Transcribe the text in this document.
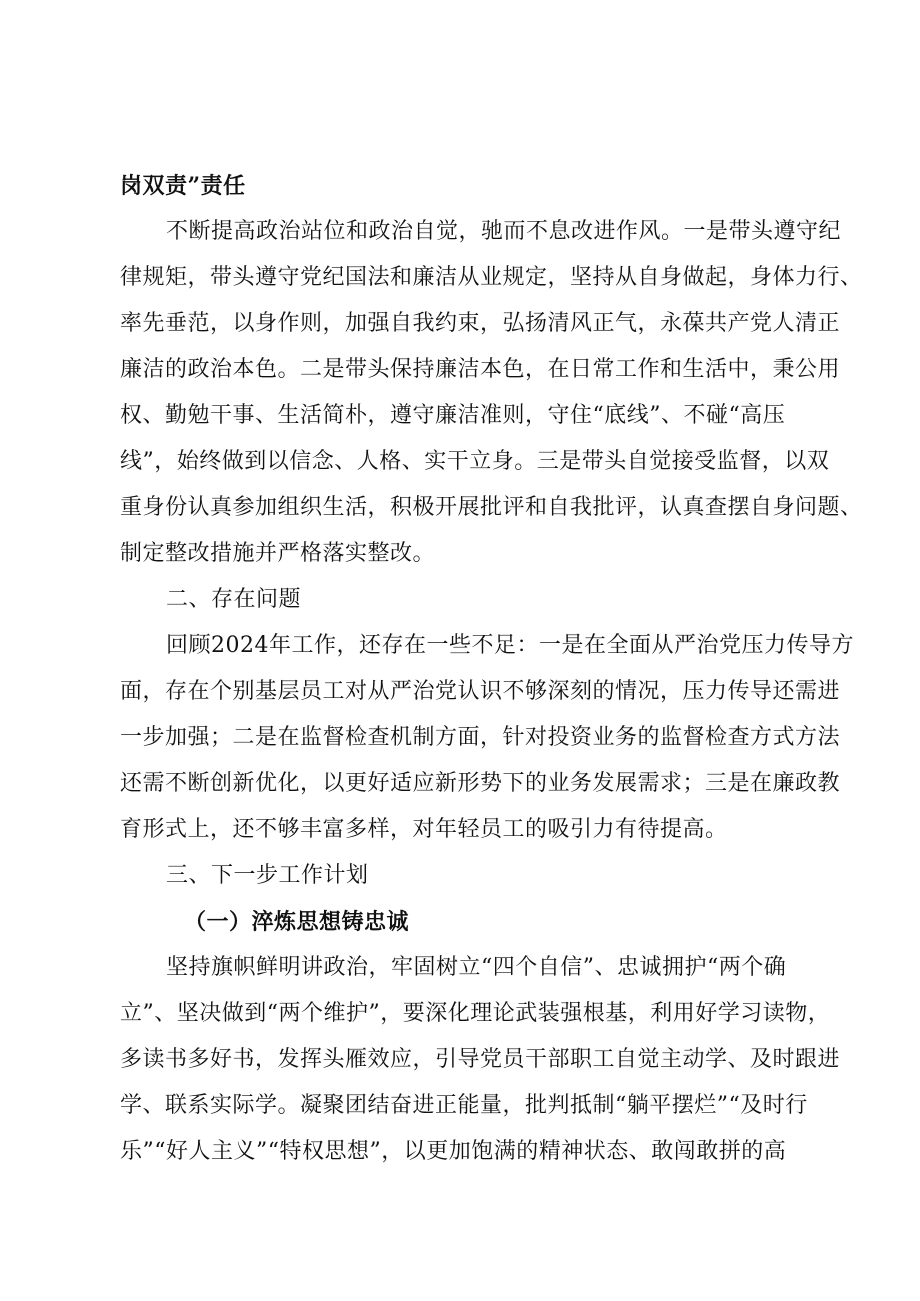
岗双责”责任
不断提高政治站位和政治自觉，驰而不息改进作风。一是带头遵守纪
律规矩，带头遵守党纪国法和廉洁从业规定，坚持从自身做起，身体力行、
率先垂范，以身作则，加强自我约束，弘扬清风正气，永葆共产党人清正
廉洁的政治本色。二是带头保持廉洁本色，在日常工作和生活中，秉公用
权、勤勉干事、生活简朴，遵守廉洁准则，守住“底线”、不碰“高压
线”，始终做到以信念、人格、实干立身。三是带头自觉接受监督，以双
重身份认真参加组织生活，积极开展批评和自我批评，认真查摆自身问题、
制定整改措施并严格落实整改。
二、存在问题
回顾2024年工作，还存在一些不足：一是在全面从严治党压力传导方
面，存在个别基层员工对从严治党认识不够深刻的情况，压力传导还需进
一步加强；二是在监督检查机制方面，针对投资业务的监督检查方式方法
还需不断创新优化，以更好适应新形势下的业务发展需求；三是在廉政教
育形式上，还不够丰富多样，对年轻员工的吸引力有待提高。
三、下一步工作计划
（一）淬炼思想铸忠诚
坚持旗帜鲜明讲政治，牢固树立“四个自信”、忠诚拥护“两个确
立”、坚决做到“两个维护”，要深化理论武装强根基，利用好学习读物，
多读书多好书，发挥头雁效应，引导党员干部职工自觉主动学、及时跟进
学、联系实际学。凝聚团结奋进正能量，批判抵制“躺平摆烂”“及时行
乐”“好人主义”“特权思想”，以更加饱满的精神状态、敢闯敢拼的高
